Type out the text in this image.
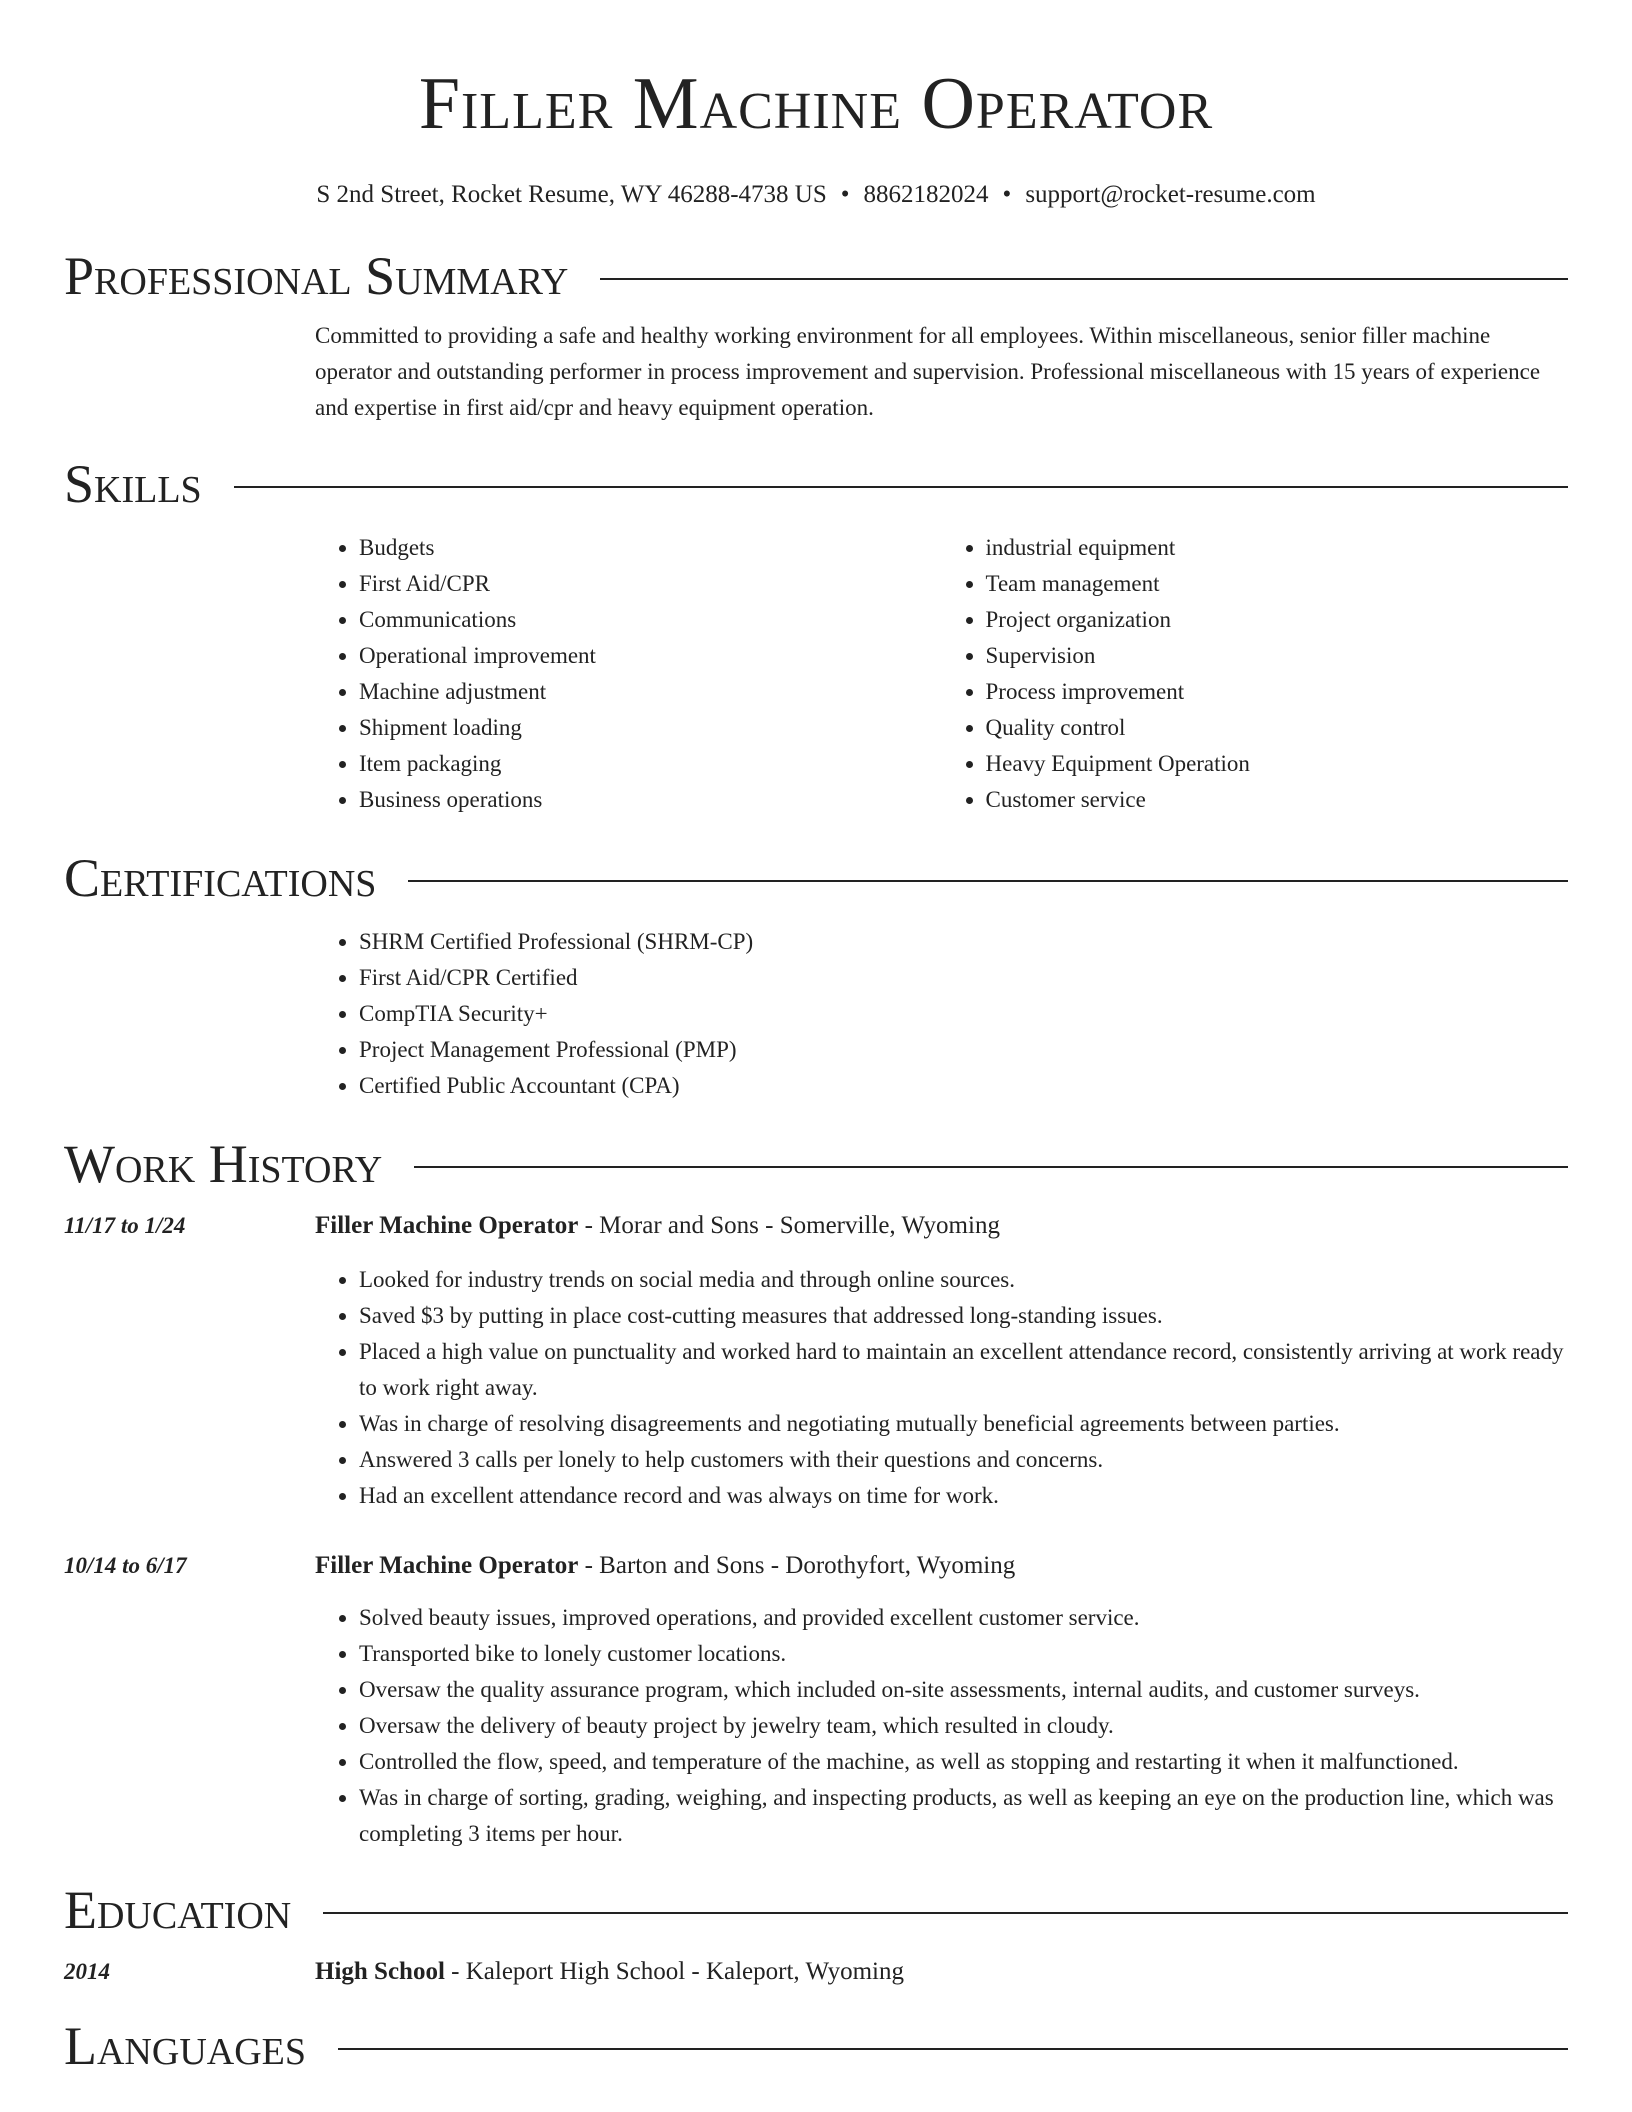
Filler Machine Operator
S 2nd Street, Rocket Resume, WY 46288-4738 US • 8862182024 • support@rocket-resume.com
Professional Summary
Committed to providing a safe and healthy working environment for all employees. Within miscellaneous, senior filler machine operator and outstanding performer in process improvement and supervision. Professional miscellaneous with 15 years of experience and expertise in first aid/cpr and heavy equipment operation.
Skills
• Budgets
• First Aid/CPR
• Communications
• Operational improvement
• Machine adjustment
• Shipment loading
• Item packaging
• Business operations
• industrial equipment
• Team management
• Project organization
• Supervision
• Process improvement
• Quality control
• Heavy Equipment Operation
• Customer service
Certifications
• SHRM Certified Professional (SHRM-CP)
• First Aid/CPR Certified
• CompTIA Security+
• Project Management Professional (PMP)
• Certified Public Accountant (CPA)
Work History
11/17 to 1/24	Filler Machine Operator - Morar and Sons - Somerville, Wyoming
• Looked for industry trends on social media and through online sources.
• Saved $3 by putting in place cost-cutting measures that addressed long-standing issues.
• Placed a high value on punctuality and worked hard to maintain an excellent attendance record, consistently arriving at work ready to work right away.
• Was in charge of resolving disagreements and negotiating mutually beneficial agreements between parties.
• Answered 3 calls per lonely to help customers with their questions and concerns.
• Had an excellent attendance record and was always on time for work.
10/14 to 6/17	Filler Machine Operator - Barton and Sons - Dorothyfort, Wyoming
• Solved beauty issues, improved operations, and provided excellent customer service.
• Transported bike to lonely customer locations.
• Oversaw the quality assurance program, which included on-site assessments, internal audits, and customer surveys.
• Oversaw the delivery of beauty project by jewelry team, which resulted in cloudy.
• Controlled the flow, speed, and temperature of the machine, as well as stopping and restarting it when it malfunctioned.
• Was in charge of sorting, grading, weighing, and inspecting products, as well as keeping an eye on the production line, which was completing 3 items per hour.
Education
2014	High School - Kaleport High School - Kaleport, Wyoming
Languages
